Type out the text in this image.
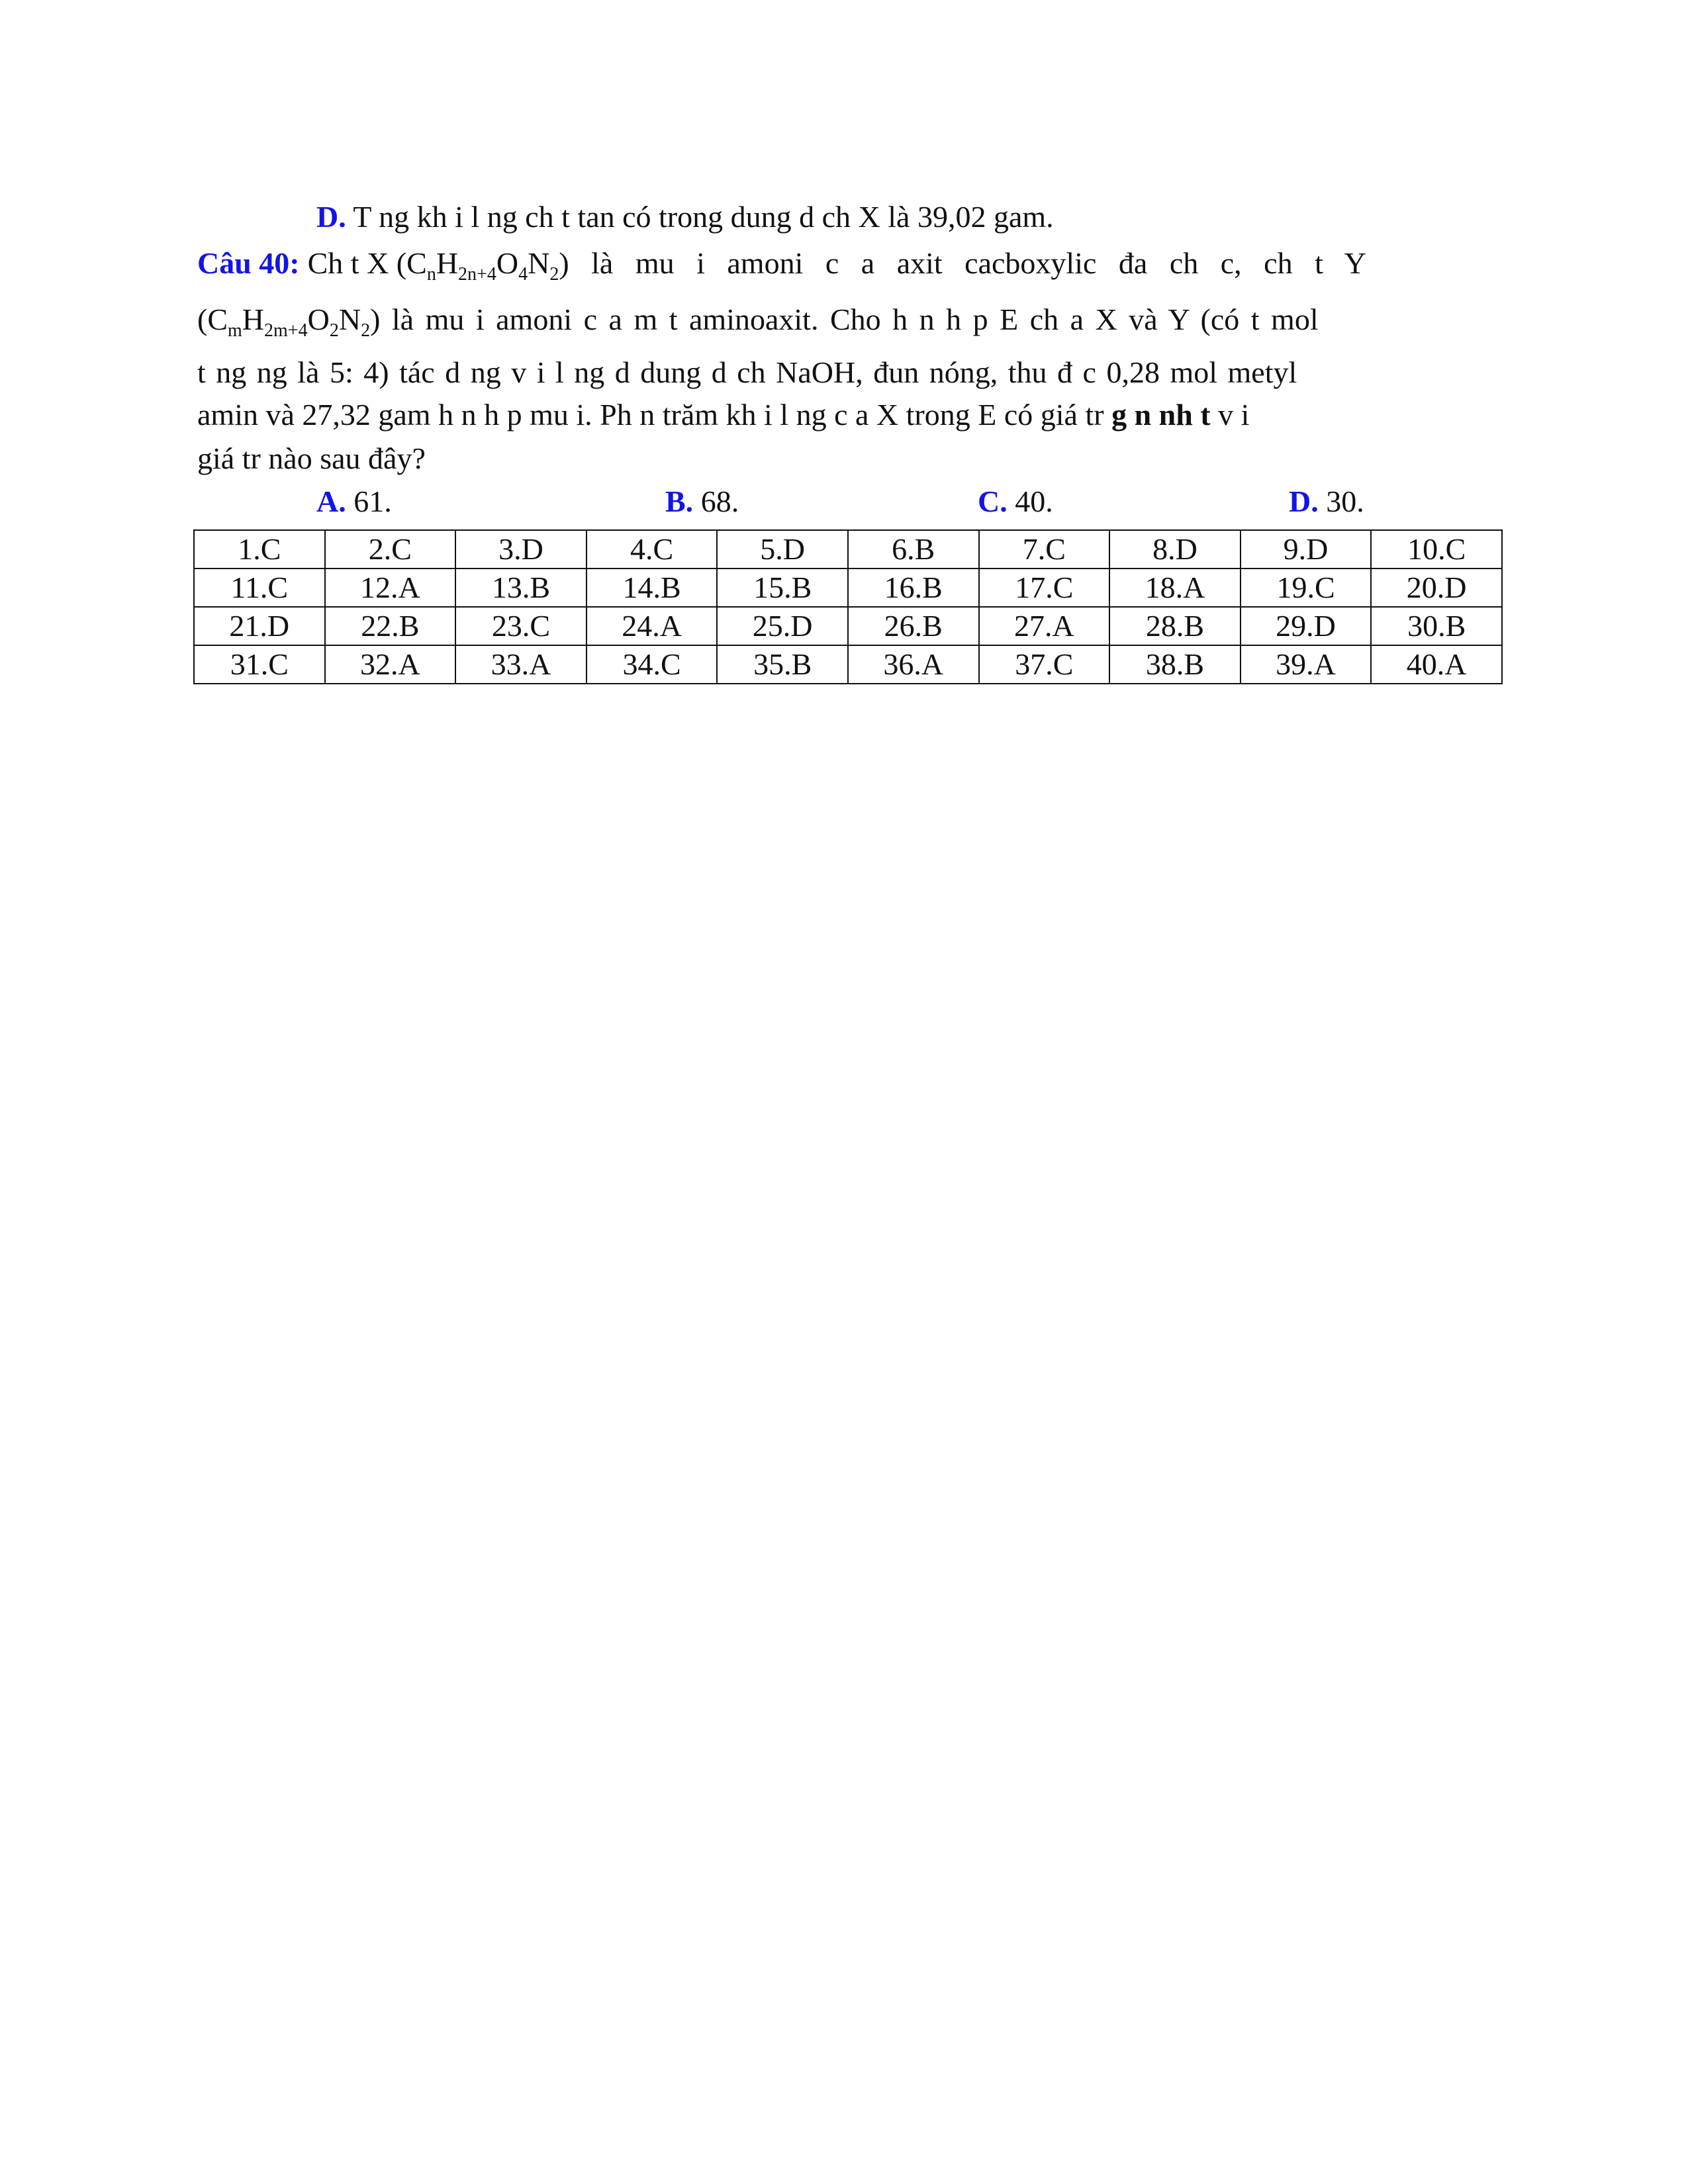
D. T ng kh i l ng ch t tan có trong dung d ch X là 39,02 gam.
Câu 40: Ch t X $(C_nH_{2n+4}O_4N_2)$ là mu i amoni c a axit cacboxylic đa ch c, ch t Y
$(C_mH_{2m+4}O_2N_2)$ là mu i amoni c a m t aminoaxit. Cho h n h p E ch a X và Y (có t mol
t ng ng là 5: 4) tác d ng v i l ng d dung d ch NaOH, đun nóng, thu đ c 0,28 mol metyl
amin và 27,32 gam h n h p mu i. Ph n trăm kh i l ng c a X trong E có giá tr g n nh t v i
giá tr nào sau đây?
A. 61.	B. 68.	C. 40.	D. 30.
1.C	2.C	3.D	4.C	5.D	6.B	7.C	8.D	9.D	10.C
11.C	12.A	13.B	14.B	15.B	16.B	17.C	18.A	19.C	20.D
21.D	22.B	23.C	24.A	25.D	26.B	27.A	28.B	29.D	30.B
31.C	32.A	33.A	34.C	35.B	36.A	37.C	38.B	39.A	40.A
